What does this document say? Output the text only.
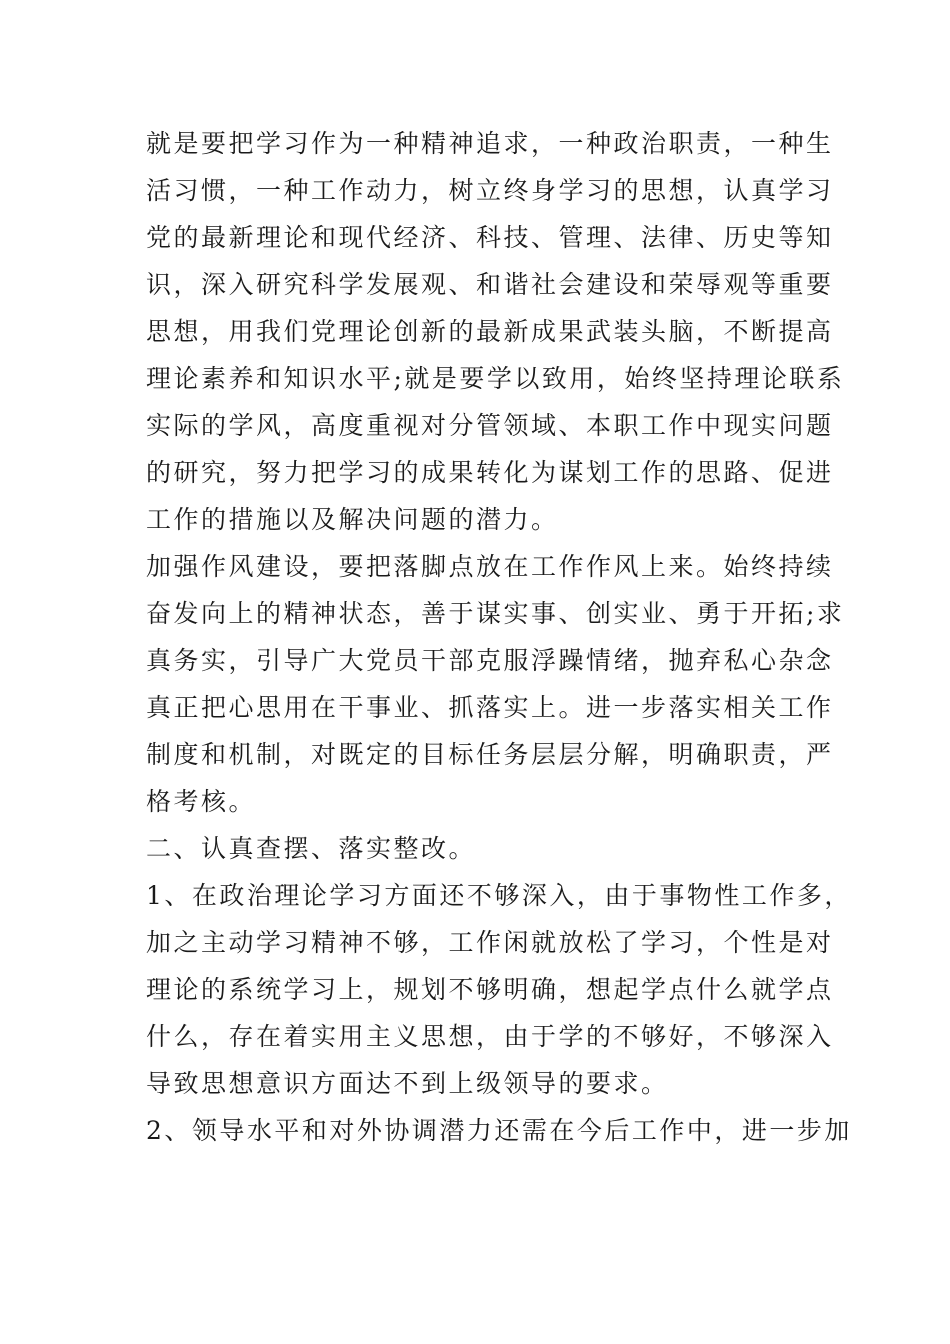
就是要把学习作为一种精神追求，一种政治职责，一种生
活习惯，一种工作动力，树立终身学习的思想，认真学习
党的最新理论和现代经济、科技、管理、法律、历史等知
识，深入研究科学发展观、和谐社会建设和荣辱观等重要
思想，用我们党理论创新的最新成果武装头脑，不断提高
理论素养和知识水平;就是要学以致用，始终坚持理论联系
实际的学风，高度重视对分管领域、本职工作中现实问题
的研究，努力把学习的成果转化为谋划工作的思路、促进
工作的措施以及解决问题的潜力。
加强作风建设，要把落脚点放在工作作风上来。始终持续
奋发向上的精神状态，善于谋实事、创实业、勇于开拓;求
真务实，引导广大党员干部克服浮躁情绪，抛弃私心杂念
真正把心思用在干事业、抓落实上。进一步落实相关工作
制度和机制，对既定的目标任务层层分解，明确职责，严
格考核。
二、认真查摆、落实整改。
1、在政治理论学习方面还不够深入，由于事物性工作多，
加之主动学习精神不够，工作闲就放松了学习，个性是对
理论的系统学习上，规划不够明确，想起学点什么就学点
什么，存在着实用主义思想，由于学的不够好，不够深入
导致思想意识方面达不到上级领导的要求。
2、领导水平和对外协调潜力还需在今后工作中，进一步加
